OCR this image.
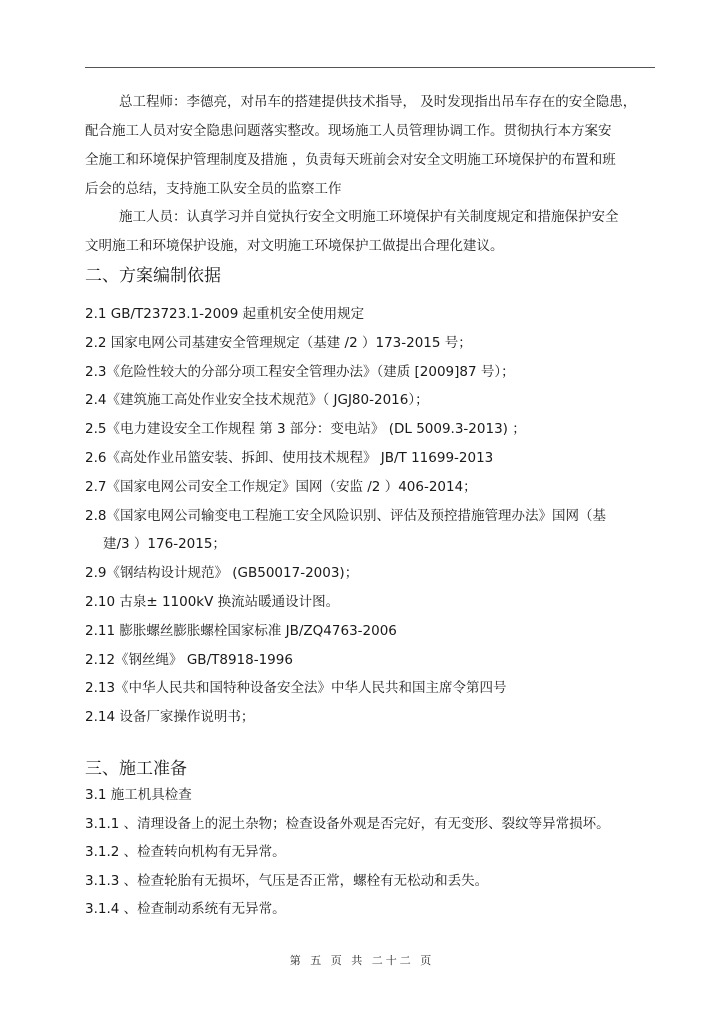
总工程师：李德亮，对吊车的搭建提供技术指导， 及时发现指出吊车存在的安全隐患，
配合施工人员对安全隐患问题落实整改。现场施工人员管理协调工作。贯彻执行本方案安
全施工和环境保护管理制度及措施 ，负责每天班前会对安全文明施工环境保护的布置和班
后会的总结，支持施工队安全员的监察工作
施工人员：认真学习并自觉执行安全文明施工环境保护有关制度规定和措施保护安全
文明施工和环境保护设施，对文明施工环境保护工做提出合理化建议。
二、方案编制依据
2.1 GB/T23723.1-2009 起重机安全使用规定
2.2 国家电网公司基建安全管理规定（基建 /2 ）173-2015 号；
2.3《危险性较大的分部分项工程安全管理办法》（建质 [2009]87 号）；
2.4《建筑施工高处作业安全技术规范》（ JGJ80-2016）；
2.5《电力建设安全工作规程 第 3 部分：变电站》 (DL 5009.3-2013) ；
2.6《高处作业吊篮安装、拆卸、使用技术规程》 JB/T 11699-2013
2.7《国家电网公司安全工作规定》国网（安监 /2 ）406-2014；
2.8《国家电网公司输变电工程施工安全风险识别、评估及预控措施管理办法》国网（基
建/3 ）176-2015；
2.9《钢结构设计规范》 (GB50017-2003)；
2.10 古泉± 1100kV 换流站暖通设计图。
2.11 膨胀螺丝膨胀螺栓国家标准 JB/ZQ4763-2006
2.12《钢丝绳》 GB/T8918-1996
2.13《中华人民共和国特种设备安全法》中华人民共和国主席令第四号
2.14 设备厂家操作说明书；
三、施工准备
3.1 施工机具检查
3.1.1 、清理设备上的泥土杂物；检查设备外观是否完好，有无变形、裂纹等异常损坏。
3.1.2 、检查转向机构有无异常。
3.1.3 、检查轮胎有无损坏，气压是否正常，螺栓有无松动和丢失。
3.1.4 、检查制动系统有无异常。
第 五 页 共 二十二 页
